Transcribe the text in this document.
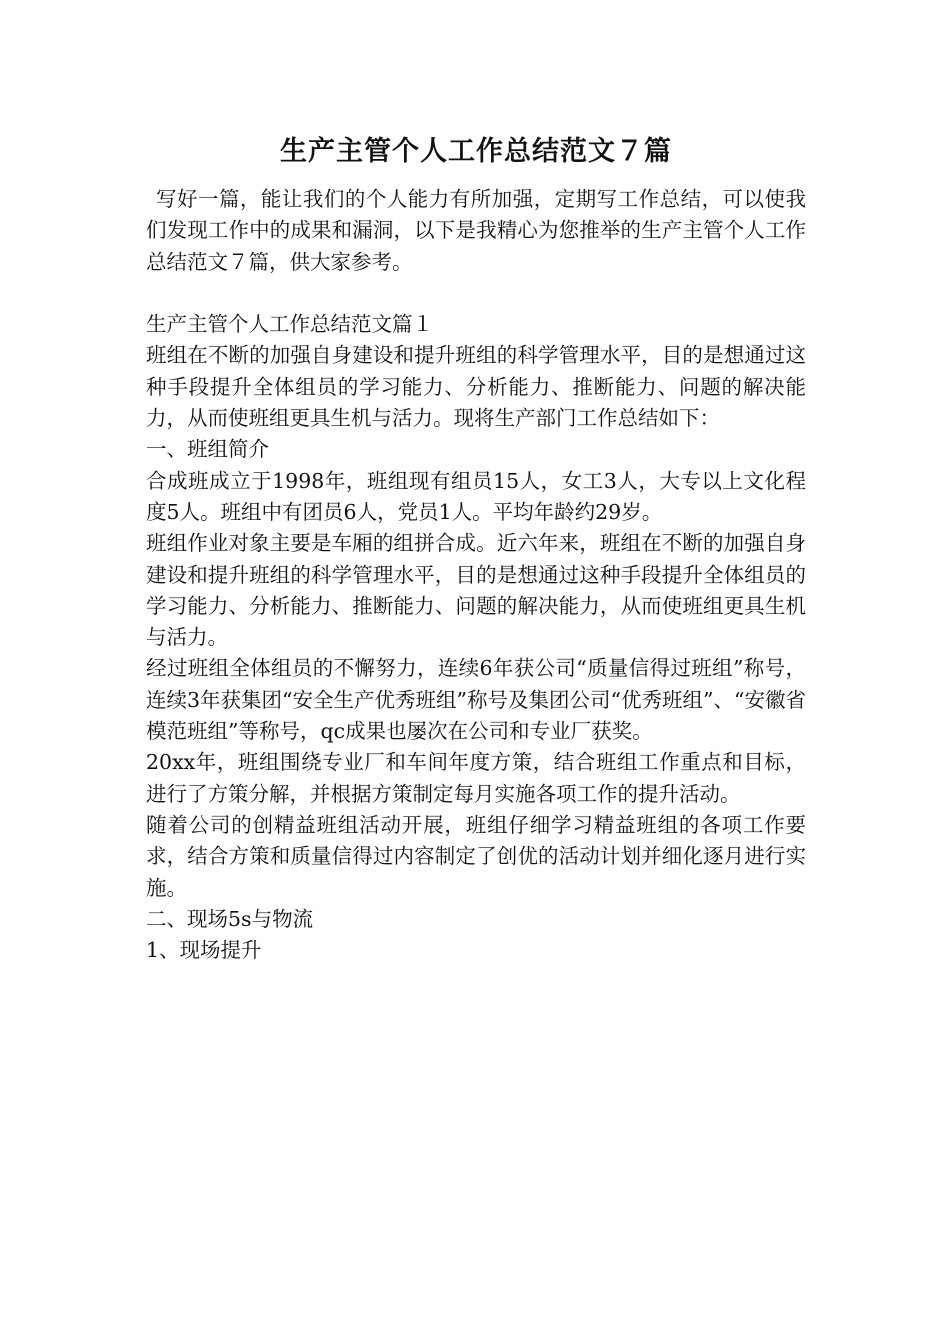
生产主管个人工作总结范文７篇

写好一篇，能让我们的个人能力有所加强，定期写工作总结，可以使我们发现工作中的成果和漏洞，以下是我精心为您推举的生产主管个人工作总结范文７篇，供大家参考。

生产主管个人工作总结范文篇１

班组在不断的加强自身建设和提升班组的科学管理水平，目的是想通过这种手段提升全体组员的学习能力、分析能力、推断能力、问题的解决能力，从而使班组更具生机与活力。现将生产部门工作总结如下：

一、班组简介

合成班成立于1998年，班组现有组员15人，女工3人，大专以上文化程度5人。班组中有团员6人，党员1人。平均年龄约29岁。

班组作业对象主要是车厢的组拼合成。近六年来，班组在不断的加强自身建设和提升班组的科学管理水平，目的是想通过这种手段提升全体组员的学习能力、分析能力、推断能力、问题的解决能力，从而使班组更具生机与活力。

经过班组全体组员的不懈努力，连续6年获公司“质量信得过班组”称号，连续3年获集团“安全生产优秀班组”称号及集团公司“优秀班组”、“安徽省模范班组”等称号，qc成果也屡次在公司和专业厂获奖。

20xx年，班组围绕专业厂和车间年度方策，结合班组工作重点和目标，进行了方策分解，并根据方策制定每月实施各项工作的提升活动。

随着公司的创精益班组活动开展，班组仔细学习精益班组的各项工作要求，结合方策和质量信得过内容制定了创优的活动计划并细化逐月进行实施。

二、现场5s与物流

1、现场提升
